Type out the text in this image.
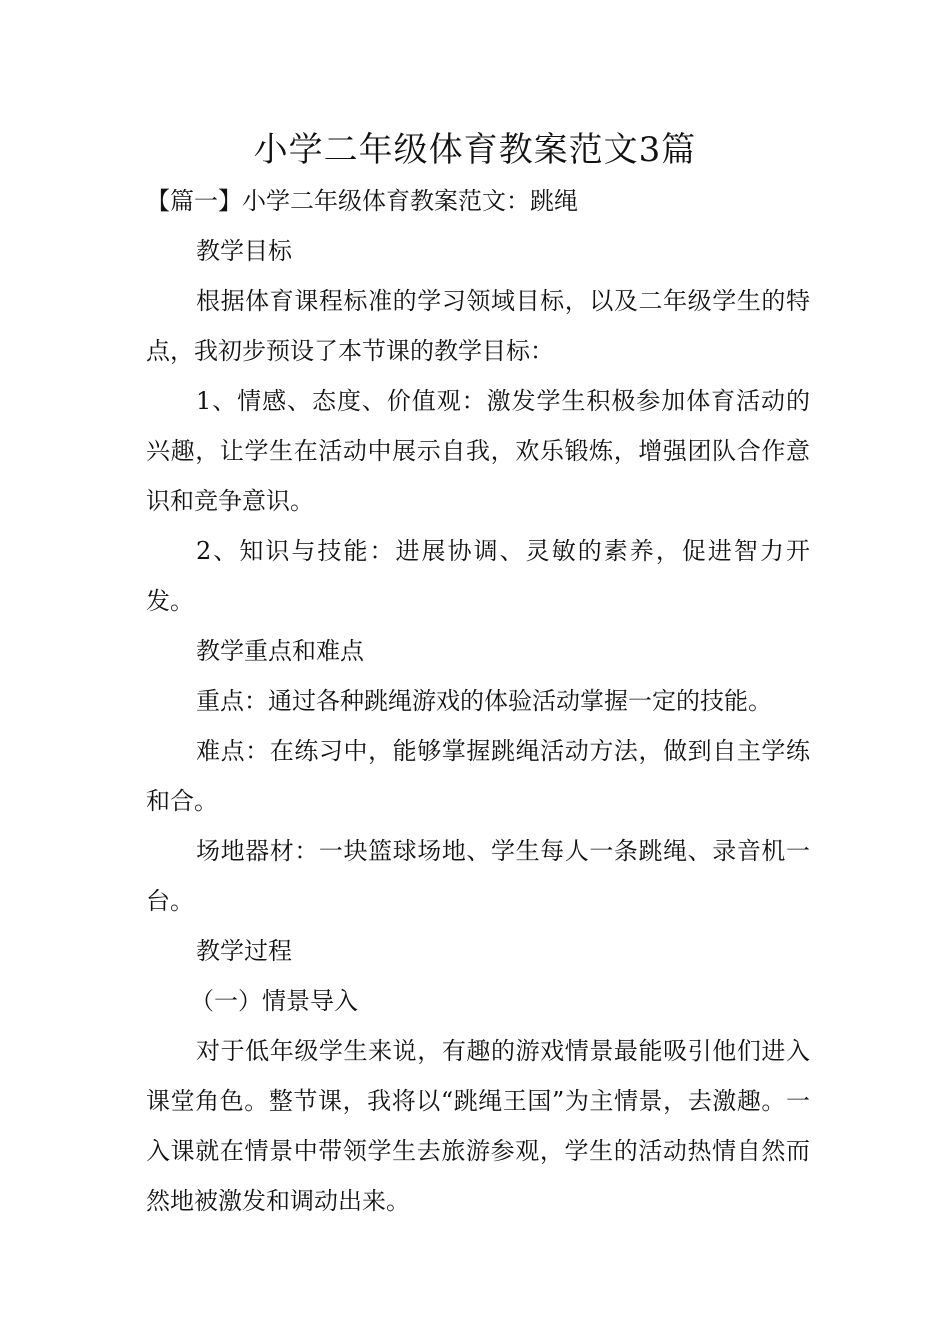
小学二年级体育教案范文3篇

【篇一】小学二年级体育教案范文：跳绳

教学目标

根据体育课程标准的学习领域目标，以及二年级学生的特点，我初步预设了本节课的教学目标：

1、情感、态度、价值观：激发学生积极参加体育活动的兴趣，让学生在活动中展示自我，欢乐锻炼，增强团队合作意识和竞争意识。

2、知识与技能：进展协调、灵敏的素养，促进智力开发。

教学重点和难点

重点：通过各种跳绳游戏的体验活动掌握一定的技能。

难点：在练习中，能够掌握跳绳活动方法，做到自主学练和合。

场地器材：一块篮球场地、学生每人一条跳绳、录音机一台。

教学过程

（一）情景导入

对于低年级学生来说，有趣的游戏情景最能吸引他们进入课堂角色。整节课，我将以“跳绳王国”为主情景，去激趣。一入课就在情景中带领学生去旅游参观，学生的活动热情自然而然地被激发和调动出来。
